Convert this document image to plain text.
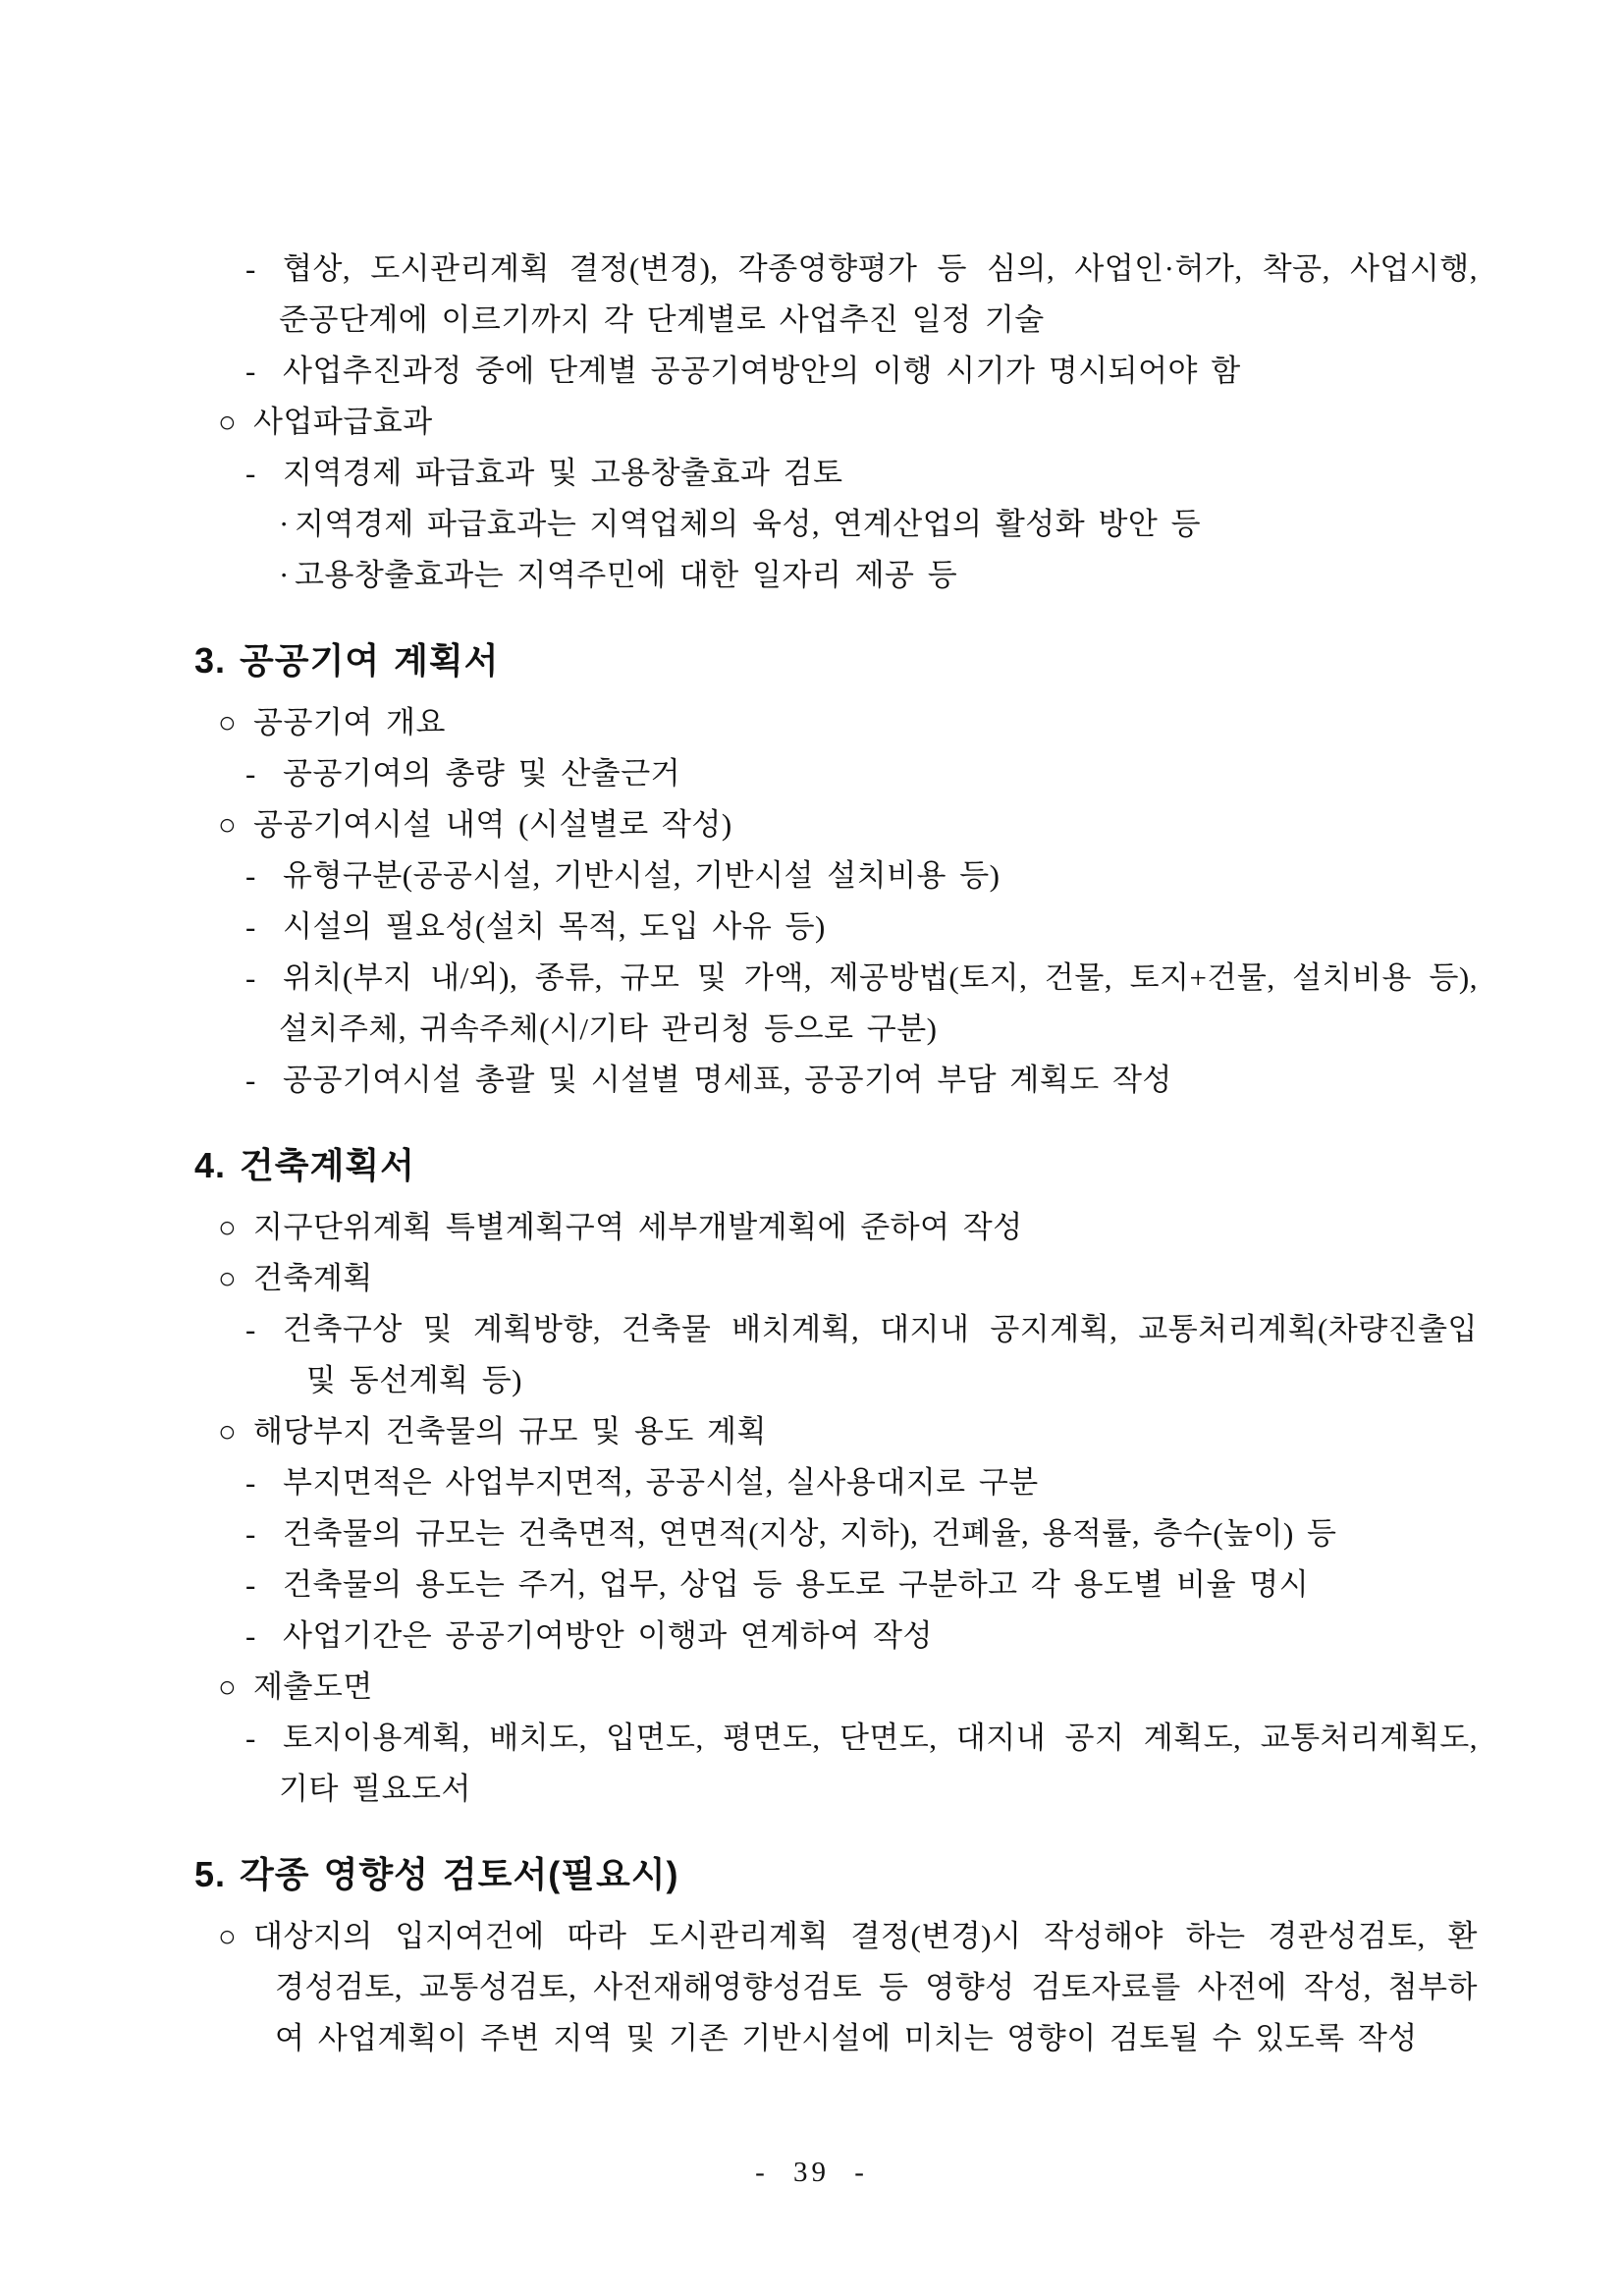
- 협상, 도시관리계획 결정(변경), 각종영향평가 등 심의, 사업인·허가, 착공, 사업시행,
준공단계에 이르기까지 각 단계별로 사업추진 일정 기술
- 사업추진과정 중에 단계별 공공기여방안의 이행 시기가 명시되어야 함
○ 사업파급효과
- 지역경제 파급효과 및 고용창출효과 검토
· 지역경제 파급효과는 지역업체의 육성, 연계산업의 활성화 방안 등
· 고용창출효과는 지역주민에 대한 일자리 제공 등
3. 공공기여 계획서
○ 공공기여 개요
- 공공기여의 총량 및 산출근거
○ 공공기여시설 내역 (시설별로 작성)
- 유형구분(공공시설, 기반시설, 기반시설 설치비용 등)
- 시설의 필요성(설치 목적, 도입 사유 등)
- 위치(부지 내/외), 종류, 규모 및 가액, 제공방법(토지, 건물, 토지+건물, 설치비용 등),
설치주체, 귀속주체(시/기타 관리청 등으로 구분)
- 공공기여시설 총괄 및 시설별 명세표, 공공기여 부담 계획도 작성
4. 건축계획서
○ 지구단위계획 특별계획구역 세부개발계획에 준하여 작성
○ 건축계획
- 건축구상 및 계획방향, 건축물 배치계획, 대지내 공지계획, 교통처리계획(차량진출입
및 동선계획 등)
○ 해당부지 건축물의 규모 및 용도 계획
- 부지면적은 사업부지면적, 공공시설, 실사용대지로 구분
- 건축물의 규모는 건축면적, 연면적(지상, 지하), 건폐율, 용적률, 층수(높이) 등
- 건축물의 용도는 주거, 업무, 상업 등 용도로 구분하고 각 용도별 비율 명시
- 사업기간은 공공기여방안 이행과 연계하여 작성
○ 제출도면
- 토지이용계획, 배치도, 입면도, 평면도, 단면도, 대지내 공지 계획도, 교통처리계획도,
기타 필요도서
5. 각종 영향성 검토서(필요시)
○ 대상지의 입지여건에 따라 도시관리계획 결정(변경)시 작성해야 하는 경관성검토, 환
경성검토, 교통성검토, 사전재해영향성검토 등 영향성 검토자료를 사전에 작성, 첨부하
여 사업계획이 주변 지역 및 기존 기반시설에 미치는 영향이 검토될 수 있도록 작성
- 39 -
